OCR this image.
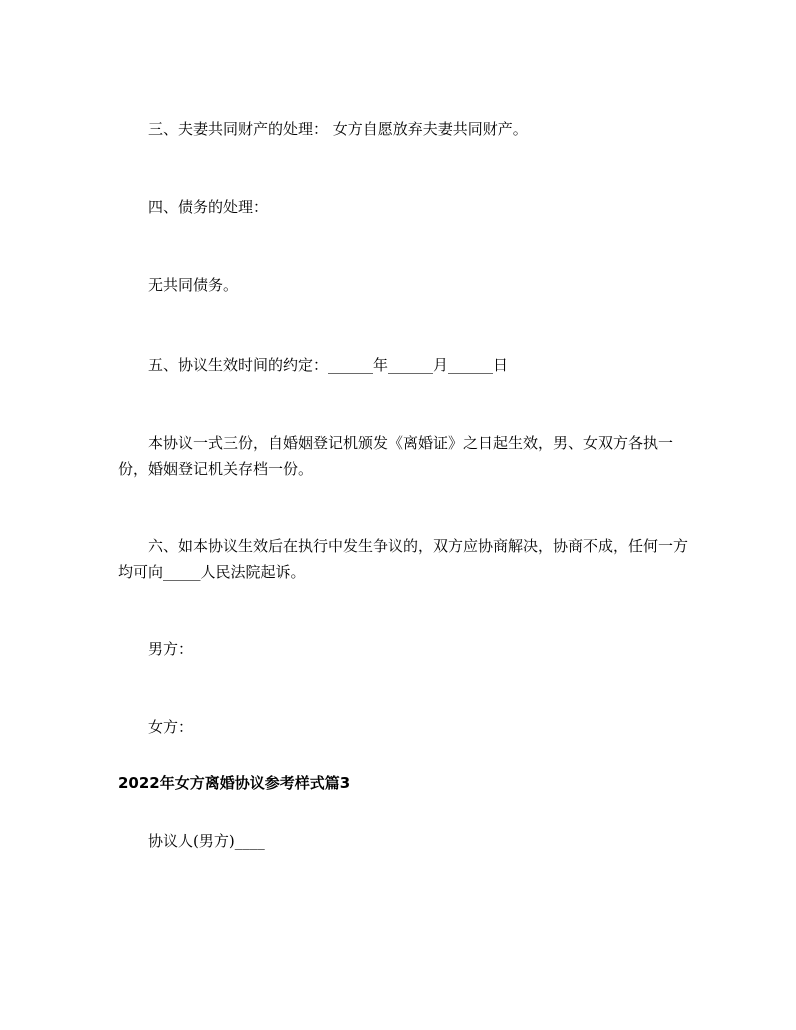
三、夫妻共同财产的处理： 女方自愿放弃夫妻共同财产。

四、债务的处理：

无共同债务。

五、协议生效时间的约定：______年______月______日

本协议一式三份，自婚姻登记机颁发《离婚证》之日起生效，男、女双方各执一份，婚姻登记机关存档一份。

六、如本协议生效后在执行中发生争议的，双方应协商解决，协商不成，任何一方均可向_____人民法院起诉。

男方：

女方：

2022年女方离婚协议参考样式篇3

协议人(男方)____
